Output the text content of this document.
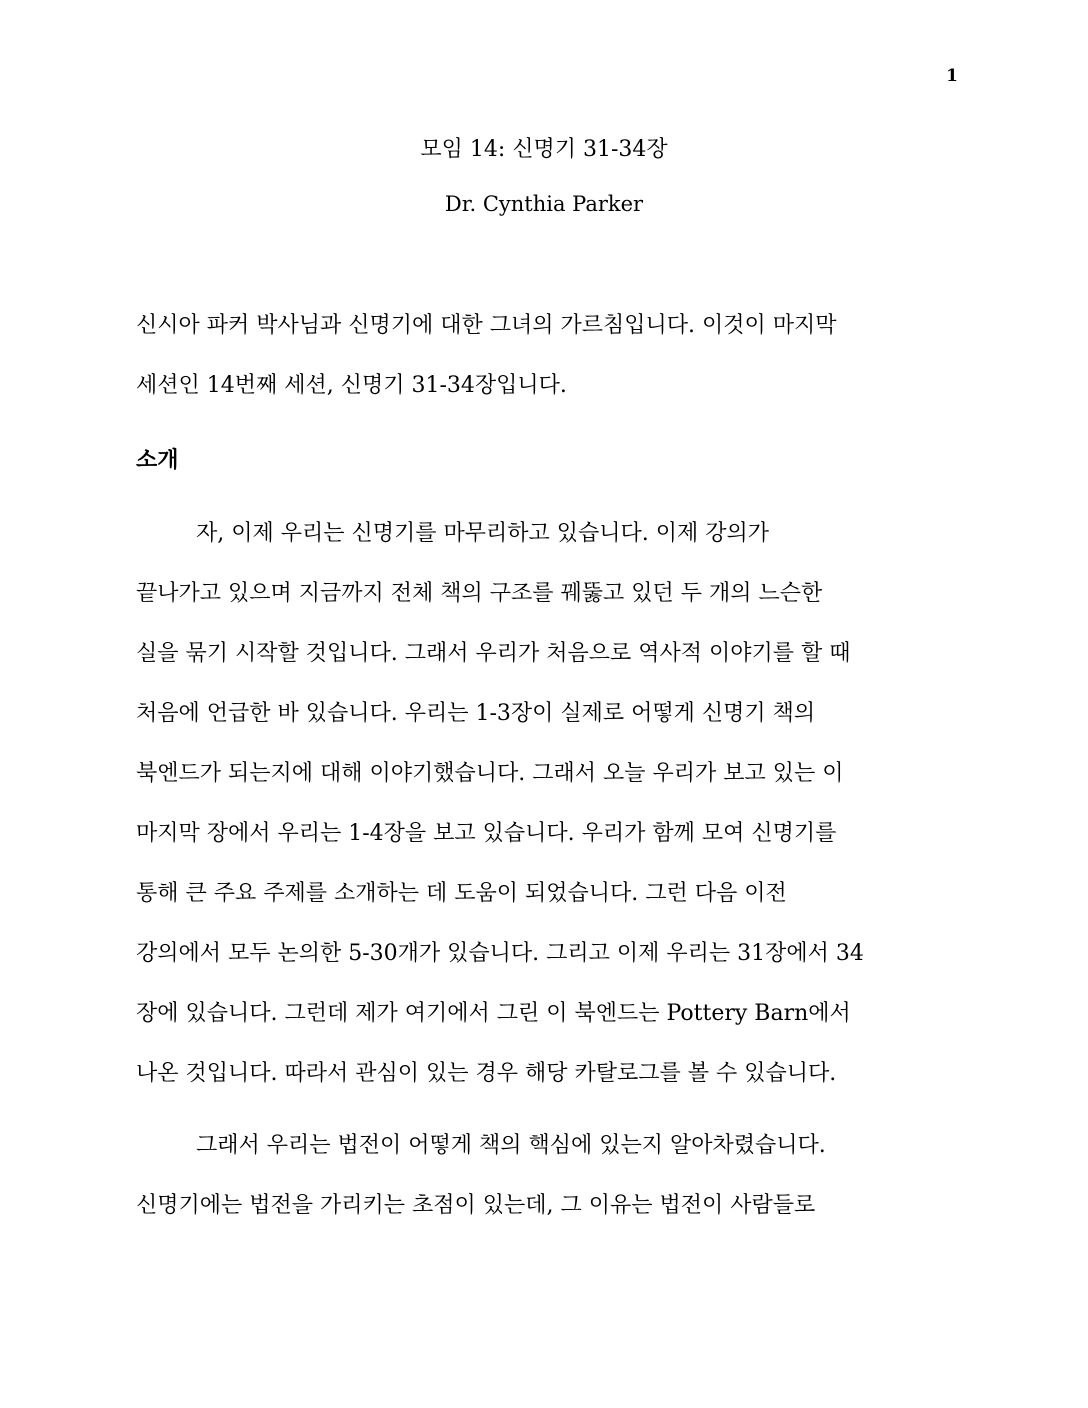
1
모임 14: 신명기 31-34장
Dr. Cynthia Parker
신시아 파커 박사님과 신명기에 대한 그녀의 가르침입니다. 이것이 마지막
세션인 14번째 세션, 신명기 31-34장입니다.
소개
자, 이제 우리는 신명기를 마무리하고 있습니다. 이제 강의가
끝나가고 있으며 지금까지 전체 책의 구조를 꿰뚫고 있던 두 개의 느슨한
실을 묶기 시작할 것입니다. 그래서 우리가 처음으로 역사적 이야기를 할 때
처음에 언급한 바 있습니다. 우리는 1-3장이 실제로 어떻게 신명기 책의
북엔드가 되는지에 대해 이야기했습니다. 그래서 오늘 우리가 보고 있는 이
마지막 장에서 우리는 1-4장을 보고 있습니다. 우리가 함께 모여 신명기를
통해 큰 주요 주제를 소개하는 데 도움이 되었습니다. 그런 다음 이전
강의에서 모두 논의한 5-30개가 있습니다. 그리고 이제 우리는 31장에서 34
장에 있습니다. 그런데 제가 여기에서 그린 이 북엔드는 Pottery Barn에서
나온 것입니다. 따라서 관심이 있는 경우 해당 카탈로그를 볼 수 있습니다.
그래서 우리는 법전이 어떻게 책의 핵심에 있는지 알아차렸습니다.
신명기에는 법전을 가리키는 초점이 있는데, 그 이유는 법전이 사람들로
